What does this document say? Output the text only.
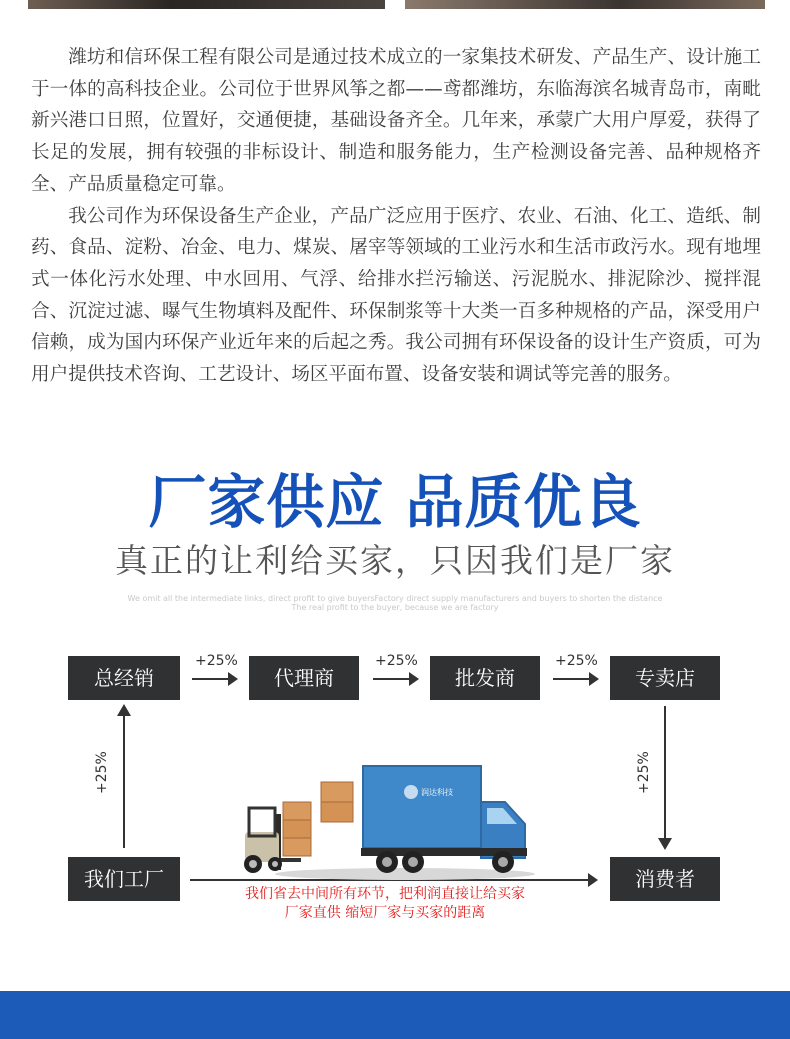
潍坊和信环保工程有限公司是通过技术成立的一家集技术研发、产品生产、设计施工于一体的高科技企业。公司位于世界风筝之都——鸢都潍坊，东临海滨名城青岛市，南毗新兴港口日照，位置好，交通便捷，基础设备齐全。几年来，承蒙广大用户厚爱，获得了长足的发展，拥有较强的非标设计、制造和服务能力，生产检测设备完善、品种规格齐全、产品质量稳定可靠。

我公司作为环保设备生产企业，产品广泛应用于医疗、农业、石油、化工、造纸、制药、食品、淀粉、冶金、电力、煤炭、屠宰等领域的工业污水和生活市政污水。现有地埋式一体化污水处理、中水回用、气浮、给排水拦污输送、污泥脱水、排泥除沙、搅拌混合、沉淀过滤、曝气生物填料及配件、环保制浆等十大类一百多种规格的产品，深受用户信赖，成为国内环保产业近年来的后起之秀。我公司拥有环保设备的设计生产资质，可为用户提供技术咨询、工艺设计、场区平面布置、设备安装和调试等完善的服务。

厂家供应 品质优良
真正的让利给买家，只因我们是厂家
We omit all the intermediate links, direct profit to give buyersFactory direct supply manufacturers and buyers to shorten the distance
The real profit to the buyer, because we are factory
总经销	代理商	批发商	专卖店
+25%	+25%	+25%
+25%	+25%
我们工厂	消费者
润达科技
我们省去中间所有环节，把利润直接让给买家
厂家直供 缩短厂家与买家的距离
